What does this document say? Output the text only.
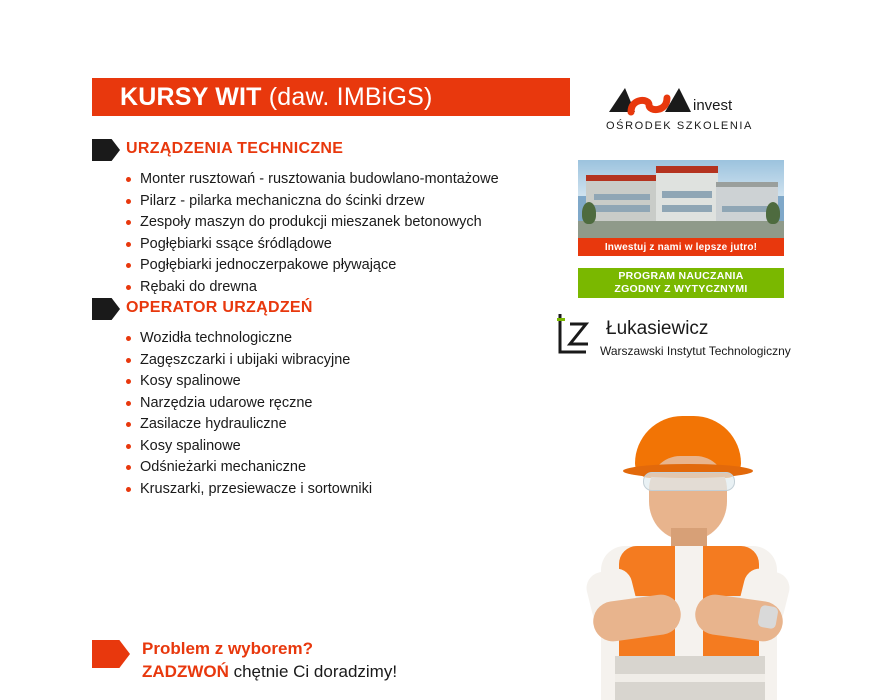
KURSY WIT (daw. IMBiGS)
URZĄDZENIA TECHNICZNE
Monter rusztowań - rusztowania budowlano-montażowe
Pilarz - pilarka mechaniczna do ścinki drzew
Zespoły maszyn do produkcji mieszanek betonowych
Pogłębiarki ssące śródlądowe
Pogłębiarki jednoczerpakowe pływające
Rębaki do drewna
OPERATOR URZĄDZEŃ
Wozidła technologiczne
Zagęszczarki i ubijaki wibracyjne
Kosy spalinowe
Narzędzia udarowe ręczne
Zasilacze hydrauliczne
Kosy spalinowe
Odśnieżarki mechaniczne
Kruszarki, przesiewacze i sortowniki
invest
OŚRODEK SZKOLENIA
Inwestuj z nami w lepsze jutro!
PROGRAM NAUCZANIA
ZGODNY Z WYTYCZNYMI
Łukasiewicz
Warszawski Instytut Technologiczny
Problem z wyborem?
ZADZWOŃ chętnie Ci doradzimy!
